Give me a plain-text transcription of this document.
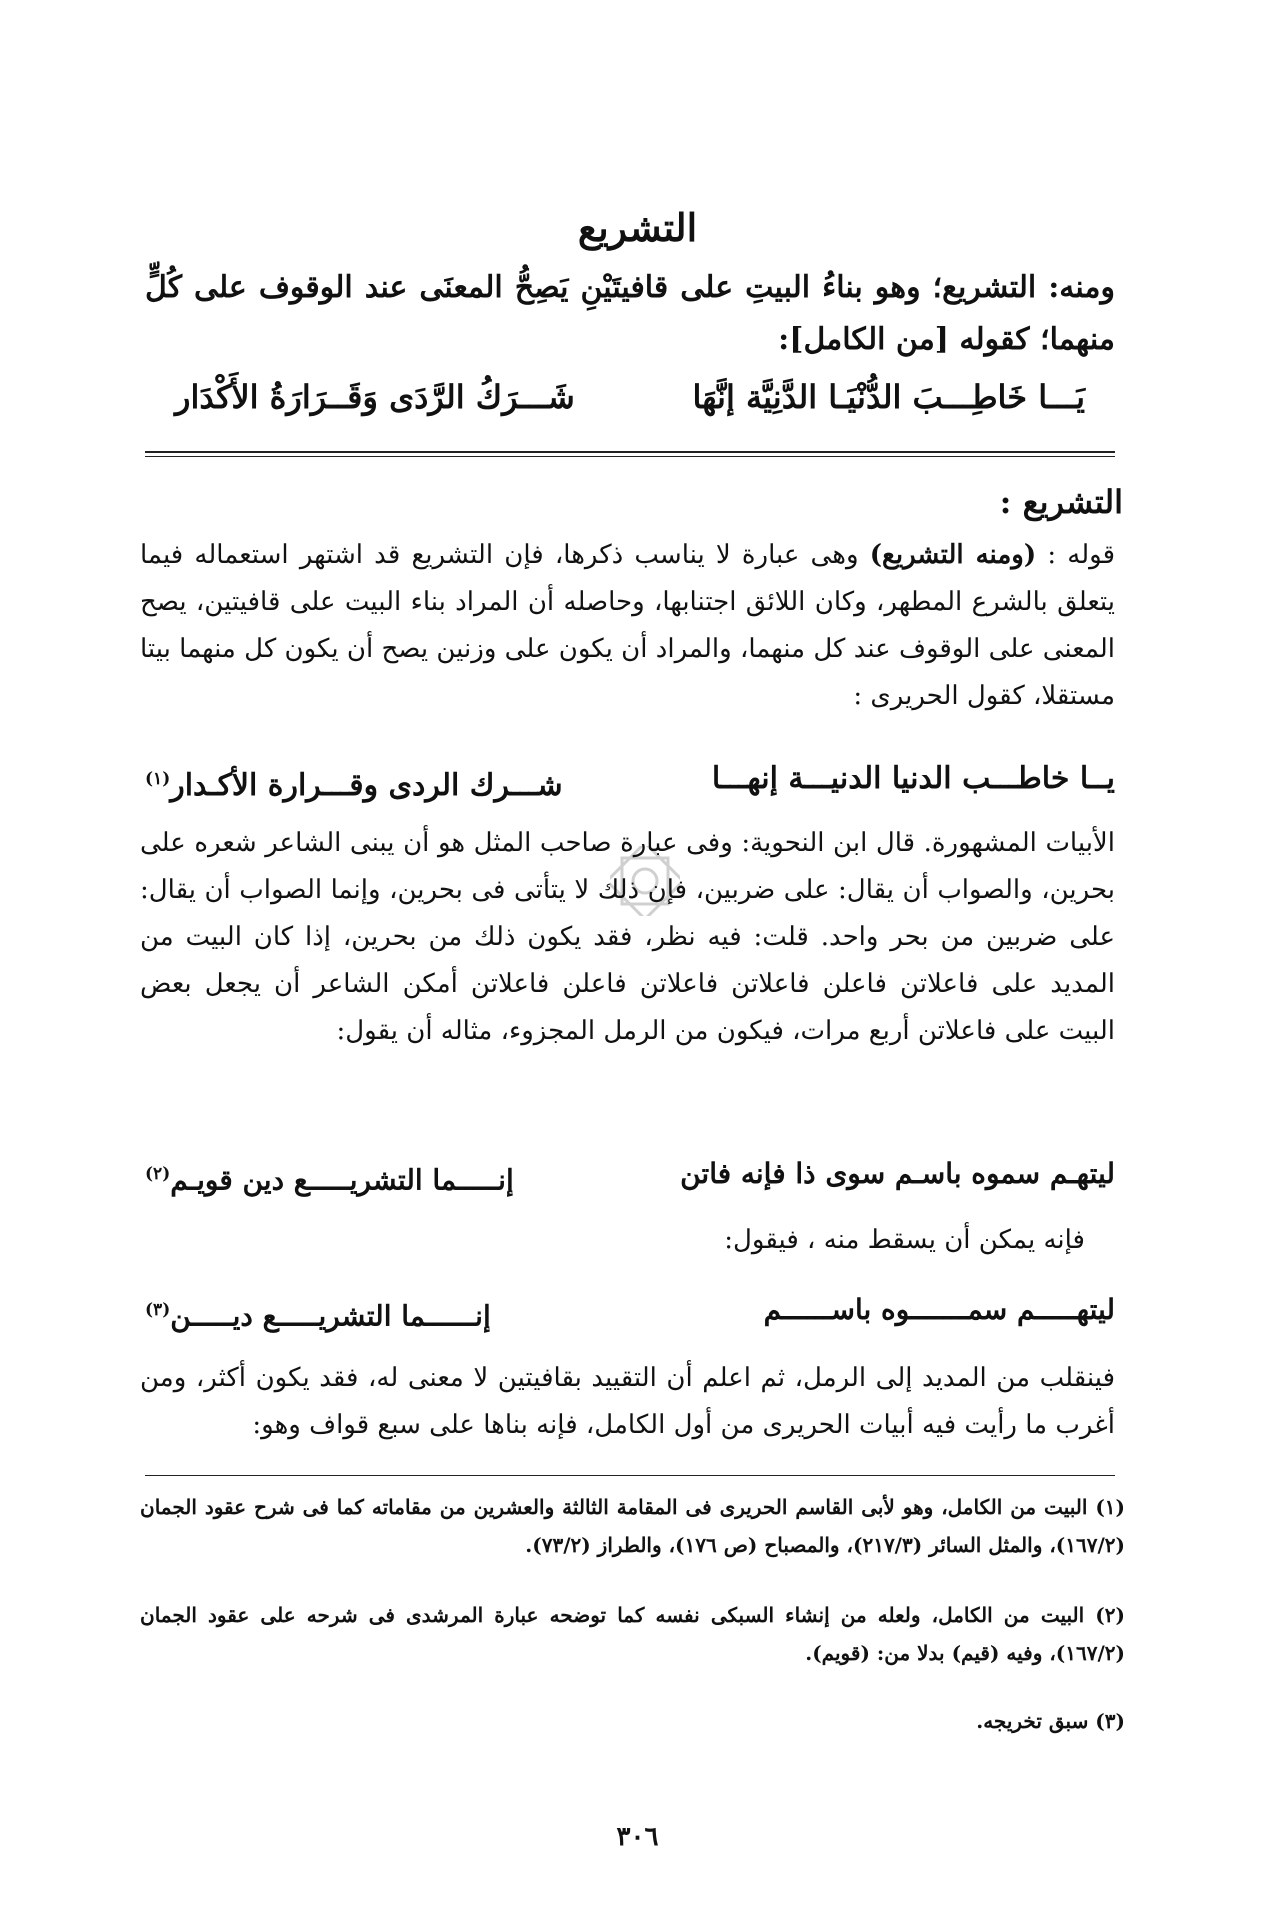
التشريع
ومنه: التشريع؛ وهو بناءُ البيتِ على قافيتَيْنِ يَصِحُّ المعنَى عند الوقوف على كُلٍّ منهما؛ كقوله [من الكامل]:
يَـــا خَاطِـــبَ الدُّنْيَـا الدَّنِيَّة إنَّهَا
شَـــرَكُ الرَّدَى وَقَــرَارَةُ الأَكْدَار
التشريع :
قوله : (ومنه التشريع) وهى عبارة لا يناسب ذكرها، فإن التشريع قد اشتهر استعماله فيما يتعلق بالشرع المطهر، وكان اللائق اجتنابها، وحاصله أن المراد بناء البيت على قافيتين، يصح المعنى على الوقوف عند كل منهما، والمراد أن يكون على وزنين يصح أن يكون كل منهما بيتا مستقلا، كقول الحريرى :
يــا خاطـــب الدنيا الدنيـــة إنهـــا
شـــرك الردى وقـــرارة الأكـدار$^{(١)}$
الأبيات المشهورة. قال ابن النحوية: وفى عبارة صاحب المثل هو أن يبنى الشاعر شعره على بحرين، والصواب أن يقال: على ضربين، فإن ذلك لا يتأتى فى بحرين، وإنما الصواب أن يقال: على ضربين من بحر واحد. قلت: فيه نظر، فقد يكون ذلك من بحرين، إذا كان البيت من المديد على فاعلاتن فاعلن فاعلاتن فاعلاتن فاعلن فاعلاتن أمكن الشاعر أن يجعل بعض البيت على فاعلاتن أربع مرات، فيكون من الرمل المجزوء، مثاله أن يقول:
ليتهـم سموه باسـم سوى ذا فإنه فاتن
إنـــــما التشريـــــع دين قويـم$^{(٢)}$
فإنه يمكن أن يسقط منه ، فيقول:
ليتهـــــم سمـــــــوه باســــــم
إنــــــما التشريـــــع ديـــــن$^{(٣)}$
فينقلب من المديد إلى الرمل، ثم اعلم أن التقييد بقافيتين لا معنى له، فقد يكون أكثر، ومن أغرب ما رأيت فيه أبيات الحريرى من أول الكامل، فإنه بناها على سبع قواف وهو:
(١) البيت من الكامل، وهو لأبى القاسم الحريرى فى المقامة الثالثة والعشرين من مقاماته كما فى شرح عقود الجمان (١٦٧/٢)، والمثل السائر (٢١٧/٣)، والمصباح (ص ١٧٦)، والطراز (٧٣/٢).
(٢) البيت من الكامل، ولعله من إنشاء السبكى نفسه كما توضحه عبارة المرشدى فى شرحه على عقود الجمان (١٦٧/٢)، وفيه (قيم) بدلا من: (قويم).
(٣) سبق تخريجه.
٣٠٦
